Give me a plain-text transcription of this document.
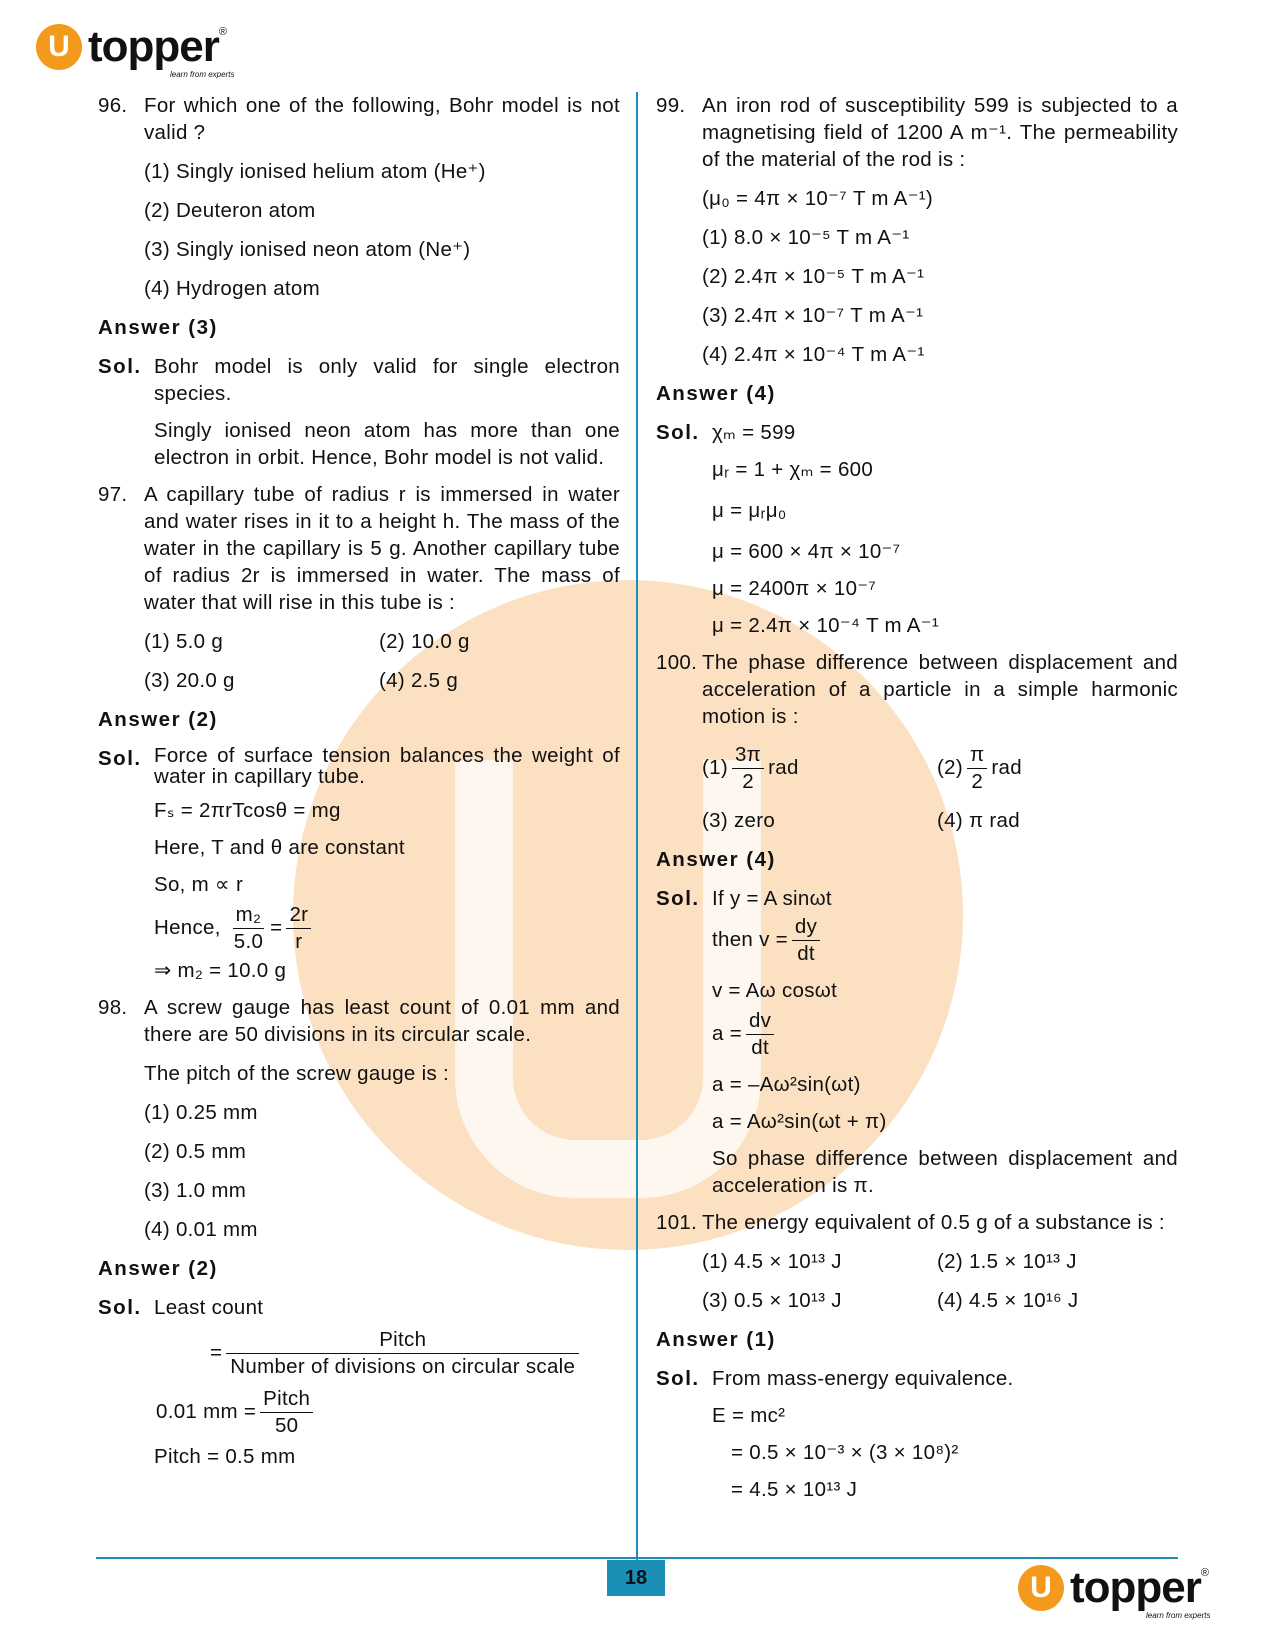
U topper ®
learn from experts
96. For which one of the following, Bohr model is not valid ?
(1) Singly ionised helium atom (He⁺)
(2) Deuteron atom
(3) Singly ionised neon atom (Ne⁺)
(4) Hydrogen atom
Answer (3)
Sol. Bohr model is only valid for single electron species.
Singly ionised neon atom has more than one electron in orbit. Hence, Bohr model is not valid.
97. A capillary tube of radius r is immersed in water and water rises in it to a height h. The mass of the water in the capillary is 5 g. Another capillary tube of radius 2r is immersed in water. The mass of water that will rise in this tube is :
(1) 5.0 g	(2) 10.0 g
(3) 20.0 g	(4) 2.5 g
Answer (2)
Sol. Force of surface tension balances the weight of water in capillary tube.
Fₛ = 2πrTcosθ = mg
Here, T and θ are constant
So, m ∝ r
Hence, $\frac{\text{m₂}}{5.0} = \frac{2r}{r}$
⇒ m₂ = 10.0 g
98. A screw gauge has least count of 0.01 mm and there are 50 divisions in its circular scale.
The pitch of the screw gauge is :
(1) 0.25 mm
(2) 0.5 mm
(3) 1.0 mm
(4) 0.01 mm
Answer (2)
Sol. Least count
= $\frac{\text{Pitch}}{\text{Number of divisions on circular scale}}$
0.01 mm = $\frac{\text{Pitch}}{50}$
Pitch = 0.5 mm
99. An iron rod of susceptibility 599 is subjected to a magnetising field of 1200 A m⁻¹. The permeability of the material of the rod is :
(μ₀ = 4π × 10⁻⁷ T m A⁻¹)
(1) 8.0 × 10⁻⁵ T m A⁻¹
(2) 2.4π × 10⁻⁵ T m A⁻¹
(3) 2.4π × 10⁻⁷ T m A⁻¹
(4) 2.4π × 10⁻⁴ T m A⁻¹
Answer (4)
Sol. χₘ = 599
μᵣ = 1 + χₘ = 600
μ = μᵣμ₀
μ = 600 × 4π × 10⁻⁷
μ = 2400π × 10⁻⁷
μ = 2.4π × 10⁻⁴ T m A⁻¹
100. The phase difference between displacement and acceleration of a particle in a simple harmonic motion is :
$(1) \frac{3\pi}{2}$ rad	$(2) \frac{\pi}{2}$ rad
(3) zero	(4) π rad
Answer (4)
Sol. If y = A sinωt
then $v = \frac{dy}{dt}$
v = Aω cosωt
$a = \frac{dv}{dt}$
a = –Aω²sin(ωt)
a = Aω²sin(ωt + π)
So phase difference between displacement and acceleration is π.
101. The energy equivalent of 0.5 g of a substance is :
(1) 4.5 × 10¹³ J	(2) 1.5 × 10¹³ J
(3) 0.5 × 10¹³ J	(4) 4.5 × 10¹⁶ J
Answer (1)
Sol. From mass-energy equivalence.
E = mc²
= 0.5 × 10⁻³ × (3 × 10⁸)²
= 4.5 × 10¹³ J
18	U topper ®
learn from experts
